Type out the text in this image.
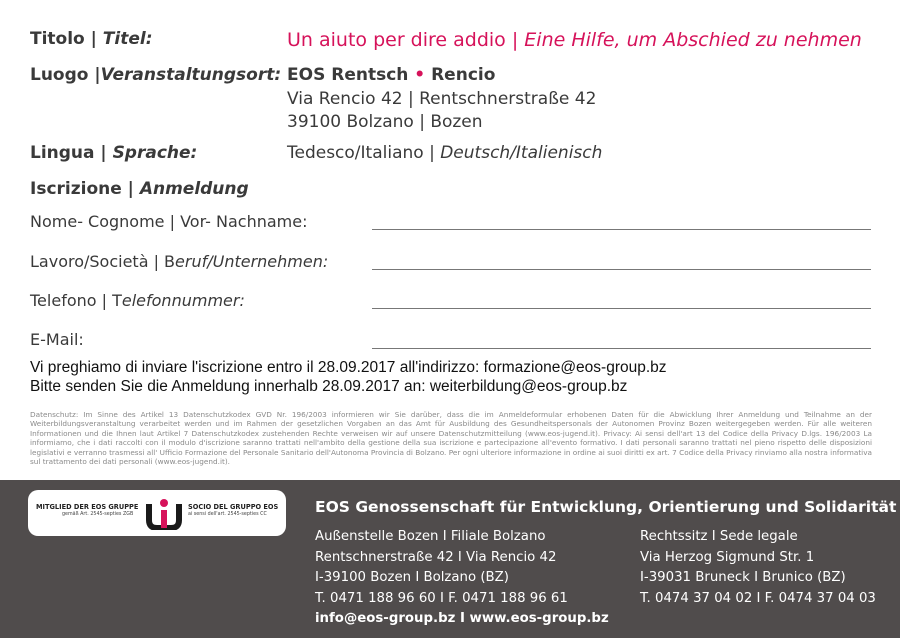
Titolo | Titel:	Un aiuto per dire addio | Eine Hilfe, um Abschied zu nehmen
Luogo |Veranstaltungsort: EOS Rentsch • Rencio
Via Rencio 42 | Rentschnerstraße 42
39100 Bolzano | Bozen
Lingua | Sprache:	Tedesco/Italiano | Deutsch/Italienisch
Iscrizione | Anmeldung
Nome- Cognome | Vor- Nachname:
Lavoro/Società | Beruf/Unternehmen:
Telefono | Telefonnummer:
E-Mail:
Vi preghiamo di inviare l'iscrizione entro il 28.09.2017 all'indirizzo: formazione@eos-group.bz
Bitte senden Sie die Anmeldung innerhalb 28.09.2017 an: weiterbildung@eos-group.bz
Datenschutz: Im Sinne des Artikel 13 Datenschutzkodex GVD Nr. 196/2003 informieren wir Sie darüber, dass die im Anmeldeformular erhobenen Daten für die Abwicklung Ihrer Anmeldung und Teilnahme an der Weiterbildungsveranstaltung verarbeitet werden und im Rahmen der gesetzlichen Vorgaben an das Amt für Ausbildung des Gesundheitspersonals der Autonomen Provinz Bozen weitergegeben werden. Für alle weiteren Informationen und die Ihnen laut Artikel 7 Datenschutzkodex zustehenden Rechte verweisen wir auf unsere Datenschutzmitteilung (www.eos-jugend.it). Privacy: Ai sensi dell'art 13 del Codice della Privacy D.lgs. 196/2003 La informiamo, che i dati raccolti con il modulo d'iscrizione saranno trattati nell'ambito della gestione della sua iscrizione e partecipazione all'evento formativo. I dati personali saranno trattati nel pieno rispetto delle disposizioni legislativi e verranno trasmessi all' Ufficio Formazione del Personale Sanitario dell'Autonoma Provincia di Bolzano. Per ogni ulteriore informazione in ordine ai suoi diritti ex art. 7 Codice della Privacy rinviamo alla nostra informativa sul trattamento dei dati personali (www.eos-jugend.it).
MITGLIED DER EOS GRUPPE
gemäß Art. 2545-septies ZGB
SOCIO DEL GRUPPO EOS
ai sensi dell'art. 2545-septies CC	EOS Genossenschaft für Entwicklung, Orientierung und Solidarität
Außenstelle Bozen I Filiale Bolzano
Rentschnerstraße 42 I Via Rencio 42
I-39100 Bozen I Bolzano (BZ)
T. 0471 188 96 60 I F. 0471 188 96 61
info@eos-group.bz I www.eos-group.bz
Rechtssitz I Sede legale
Via Herzog Sigmund Str. 1
I-39031 Bruneck I Brunico (BZ)
T. 0474 37 04 02 I F. 0474 37 04 03
